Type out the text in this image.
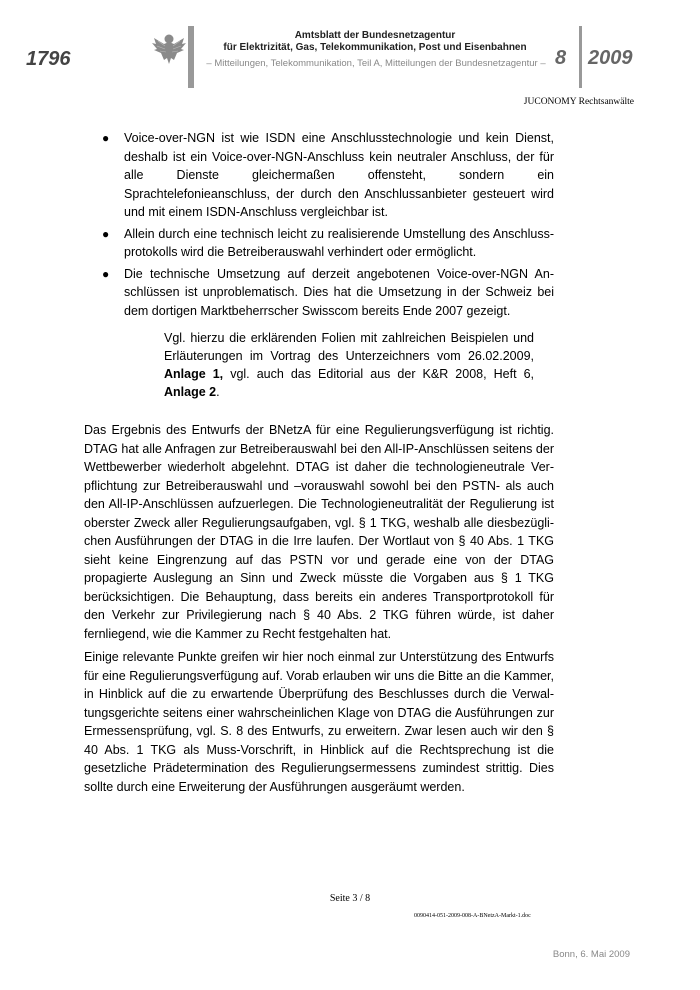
1796
Amtsblatt der Bundesnetzagentur
für Elektrizität, Gas, Telekommunikation, Post und Eisenbahnen
– Mitteilungen, Telekommunikation, Teil A, Mitteilungen der Bundesnetzagentur – 8 2009
JUCONOMY Rechtsanwälte
● Voice-over-NGN ist wie ISDN eine Anschlusstechnologie und kein Dienst, deshalb ist ein Voice-over-NGN-Anschluss kein neutraler Anschluss, der für alle Dienste gleichermaßen offensteht, sondern ein Sprachtelefonieanschluss, der durch den Anschlussanbieter gesteuert wird und mit einem ISDN-Anschluss vergleichbar ist.
● Allein durch eine technisch leicht zu realisierende Umstellung des Anschlussprotokolls wird die Betreiberauswahl verhindert oder ermöglicht.
● Die technische Umsetzung auf derzeit angebotenen Voice-over-NGN Anschlüssen ist unproblematisch. Dies hat die Umsetzung in der Schweiz bei dem dortigen Marktbeherrscher Swisscom bereits Ende 2007 gezeigt.
Vgl. hierzu die erklärenden Folien mit zahlreichen Beispielen und Erläuterungen im Vortrag des Unterzeichners vom 26.02.2009, Anlage 1, vgl. auch das Editorial aus der K&R 2008, Heft 6, Anlage 2.

Das Ergebnis des Entwurfs der BNetzA für eine Regulierungsverfügung ist richtig. DTAG hat alle Anfragen zur Betreiberauswahl bei den All-IP-Anschlüssen seitens der Wettbewerber wiederholt abgelehnt. DTAG ist daher die technologieneutrale Verpflichtung zur Betreiberauswahl und –vorauswahl sowohl bei den PSTN- als auch den All-IP-Anschlüssen aufzuerlegen. Die Technologieneutralität der Regulierung ist oberster Zweck aller Regulierungsaufgaben, vgl. § 1 TKG, weshalb alle diesbezüglichen Ausführungen der DTAG in die Irre laufen. Der Wortlaut von § 40 Abs. 1 TKG sieht keine Eingrenzung auf das PSTN vor und gerade eine von der DTAG propagierte Auslegung an Sinn und Zweck müsste die Vorgaben aus § 1 TKG berücksichtigen. Die Behauptung, dass bereits ein anderes Transportprotokoll für den Verkehr zur Privilegierung nach § 40 Abs. 2 TKG führen würde, ist daher fernliegend, wie die Kammer zu Recht festgehalten hat.

Einige relevante Punkte greifen wir hier noch einmal zur Unterstützung des Entwurfs für eine Regulierungsverfügung auf. Vorab erlauben wir uns die Bitte an die Kammer, in Hinblick auf die zu erwartende Überprüfung des Beschlusses durch die Verwaltungsgerichte seitens einer wahrscheinlichen Klage von DTAG die Ausführungen zur Ermessensprüfung, vgl. S. 8 des Entwurfs, zu erweitern. Zwar lesen auch wir den § 40 Abs. 1 TKG als Muss-Vorschrift, in Hinblick auf die Rechtsprechung ist die gesetzliche Prädetermination des Regulierungsermessens zumindest strittig. Dies sollte durch eine Erweiterung der Ausführungen ausgeräumt werden.

Seite 3 / 8
0090414-051-2009-008-A-BNetzA-Markt-1.doc
Bonn, 6. Mai 2009
